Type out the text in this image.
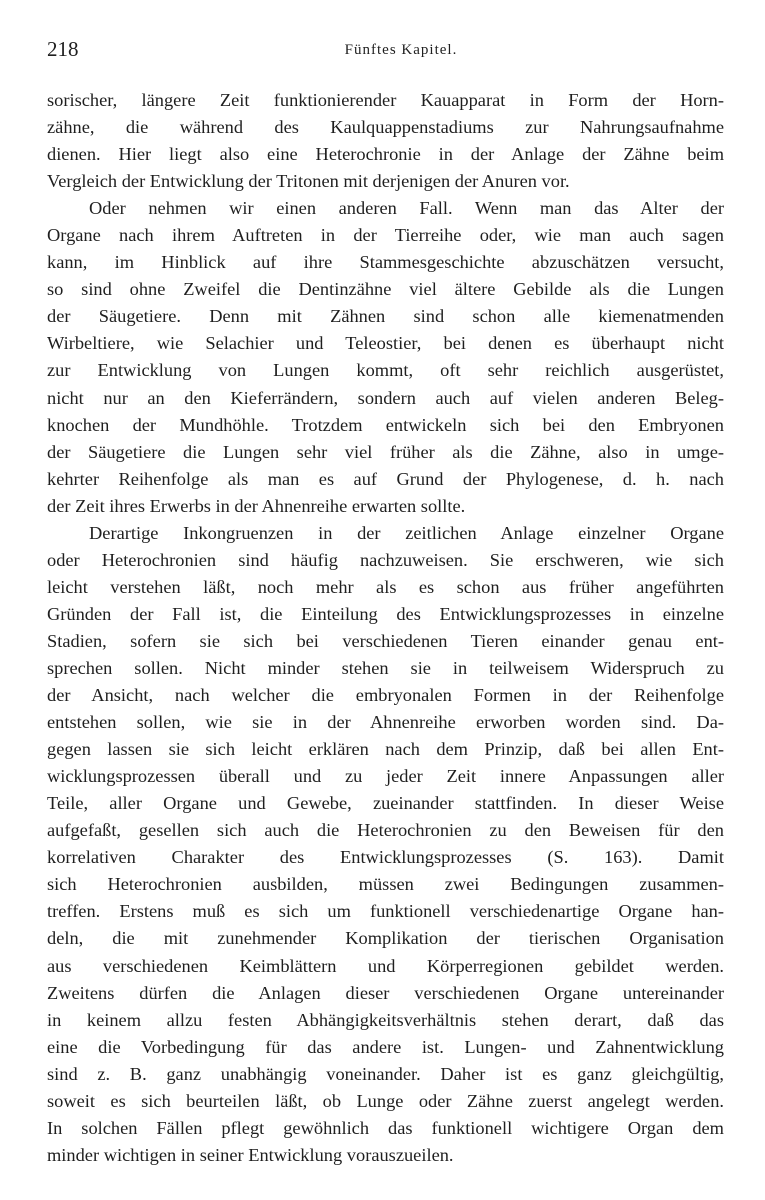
218	Fünftes Kapitel.
sorischer, längere Zeit funktionierender Kauapparat in Form der Horn-
zähne, die während des Kaulquappenstadiums zur Nahrungsaufnahme
dienen. Hier liegt also eine Heterochronie in der Anlage der Zähne beim
Vergleich der Entwicklung der Tritonen mit derjenigen der Anuren vor.
Oder nehmen wir einen anderen Fall. Wenn man das Alter der
Organe nach ihrem Auftreten in der Tierreihe oder, wie man auch sagen
kann, im Hinblick auf ihre Stammesgeschichte abzuschätzen versucht,
so sind ohne Zweifel die Dentinzähne viel ältere Gebilde als die Lungen
der Säugetiere. Denn mit Zähnen sind schon alle kiemenatmenden
Wirbeltiere, wie Selachier und Teleostier, bei denen es überhaupt nicht
zur Entwicklung von Lungen kommt, oft sehr reichlich ausgerüstet,
nicht nur an den Kieferrändern, sondern auch auf vielen anderen Beleg-
knochen der Mundhöhle. Trotzdem entwickeln sich bei den Embryonen
der Säugetiere die Lungen sehr viel früher als die Zähne, also in umge-
kehrter Reihenfolge als man es auf Grund der Phylogenese, d. h. nach
der Zeit ihres Erwerbs in der Ahnenreihe erwarten sollte.
Derartige Inkongruenzen in der zeitlichen Anlage einzelner Organe
oder Heterochronien sind häufig nachzuweisen. Sie erschweren, wie sich
leicht verstehen läßt, noch mehr als es schon aus früher angeführten
Gründen der Fall ist, die Einteilung des Entwicklungsprozesses in einzelne
Stadien, sofern sie sich bei verschiedenen Tieren einander genau ent-
sprechen sollen. Nicht minder stehen sie in teilweisem Widerspruch zu
der Ansicht, nach welcher die embryonalen Formen in der Reihenfolge
entstehen sollen, wie sie in der Ahnenreihe erworben worden sind. Da-
gegen lassen sie sich leicht erklären nach dem Prinzip, daß bei allen Ent-
wicklungsprozessen überall und zu jeder Zeit innere Anpassungen aller
Teile, aller Organe und Gewebe, zueinander stattfinden. In dieser Weise
aufgefaßt, gesellen sich auch die Heterochronien zu den Beweisen für den
korrelativen Charakter des Entwicklungsprozesses (S. 163). Damit
sich Heterochronien ausbilden, müssen zwei Bedingungen zusammen-
treffen. Erstens muß es sich um funktionell verschiedenartige Organe han-
deln, die mit zunehmender Komplikation der tierischen Organisation
aus verschiedenen Keimblättern und Körperregionen gebildet werden.
Zweitens dürfen die Anlagen dieser verschiedenen Organe untereinander
in keinem allzu festen Abhängigkeitsverhältnis stehen derart, daß das
eine die Vorbedingung für das andere ist. Lungen- und Zahnentwicklung
sind z. B. ganz unabhängig voneinander. Daher ist es ganz gleichgültig,
soweit es sich beurteilen läßt, ob Lunge oder Zähne zuerst angelegt werden.
In solchen Fällen pflegt gewöhnlich das funktionell wichtigere Organ dem
minder wichtigen in seiner Entwicklung vorauszueilen.
